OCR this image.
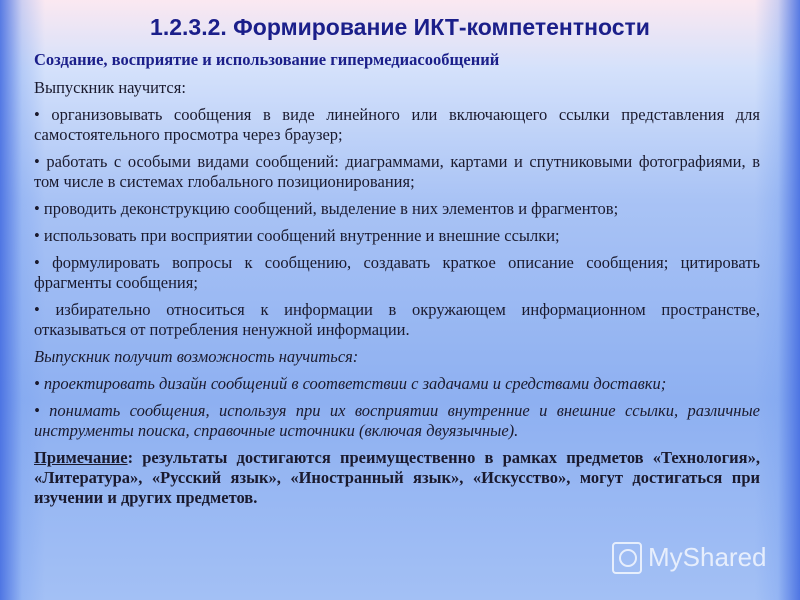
1.2.3.2. Формирование ИКТ-компетентности
Создание, восприятие и использование гипермедиасообщений
Выпускник научится:
• организовывать сообщения в виде линейного или включающего ссылки представления для самостоятельного просмотра через браузер;
• работать с особыми видами сообщений: диаграммами, картами и спутниковыми фотографиями, в том числе в системах глобального позиционирования;
• проводить деконструкцию сообщений, выделение в них элементов и фрагментов;
• использовать при восприятии сообщений внутренние и внешние ссылки;
• формулировать вопросы к сообщению, создавать краткое описание сообщения; цитировать фрагменты сообщения;
• избирательно относиться к информации в окружающем информационном пространстве, отказываться от потребления ненужной информации.
Выпускник получит возможность научиться:
• проектировать дизайн сообщений в соответствии с задачами и средствами доставки;
• понимать сообщения, используя при их восприятии внутренние и внешние ссылки, различные инструменты поиска, справочные источники (включая двуязычные).
Примечание: результаты достигаются преимущественно в рамках предметов «Технология», «Литература», «Русский язык», «Иностранный язык», «Искусство», могут достигаться при изучении и других предметов.
MyShared
